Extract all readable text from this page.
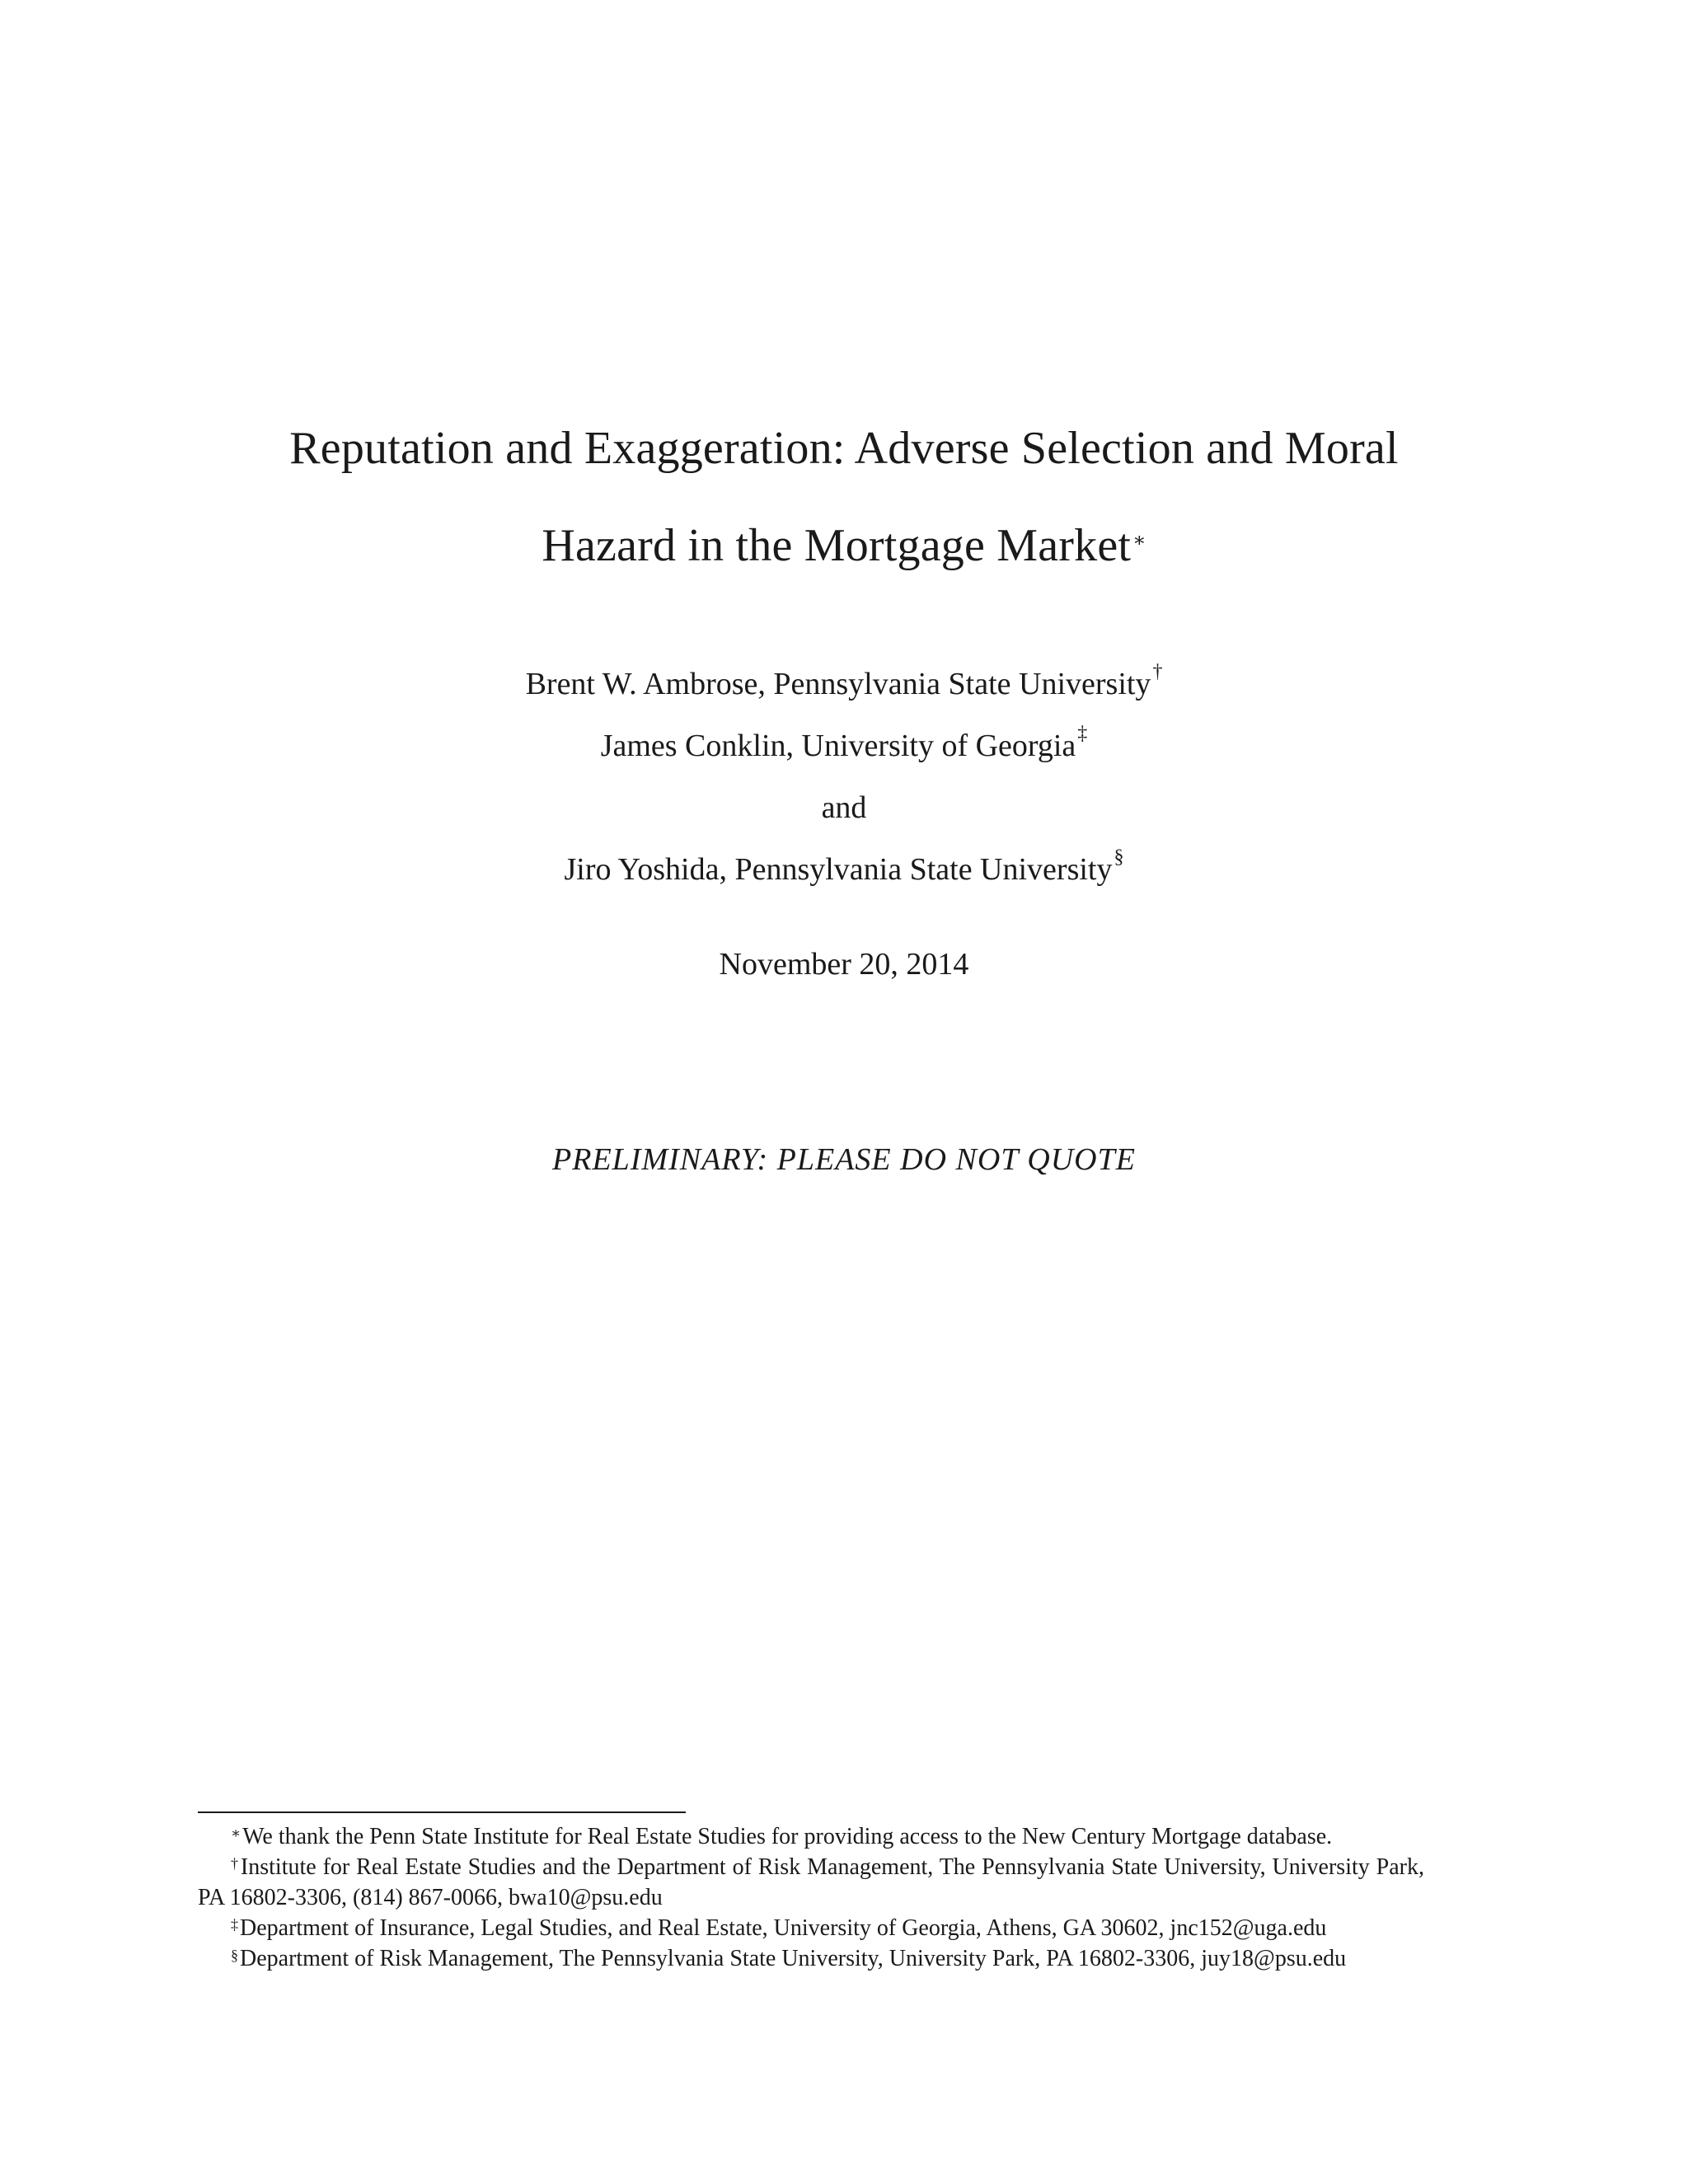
Reputation and Exaggeration: Adverse Selection and Moral
Hazard in the Mortgage Market∗
Brent W. Ambrose, Pennsylvania State University†
James Conklin, University of Georgia‡
and
Jiro Yoshida, Pennsylvania State University§
November 20, 2014
PRELIMINARY: PLEASE DO NOT QUOTE

∗We thank the Penn State Institute for Real Estate Studies for providing access to the New Century Mortgage database.

†Institute for Real Estate Studies and the Department of Risk Management, The Pennsylvania State University, University Park, PA 16802-3306, (814) 867-0066, bwa10@psu.edu

‡Department of Insurance, Legal Studies, and Real Estate, University of Georgia, Athens, GA 30602, jnc152@uga.edu

§Department of Risk Management, The Pennsylvania State University, University Park, PA 16802-3306, juy18@psu.edu
